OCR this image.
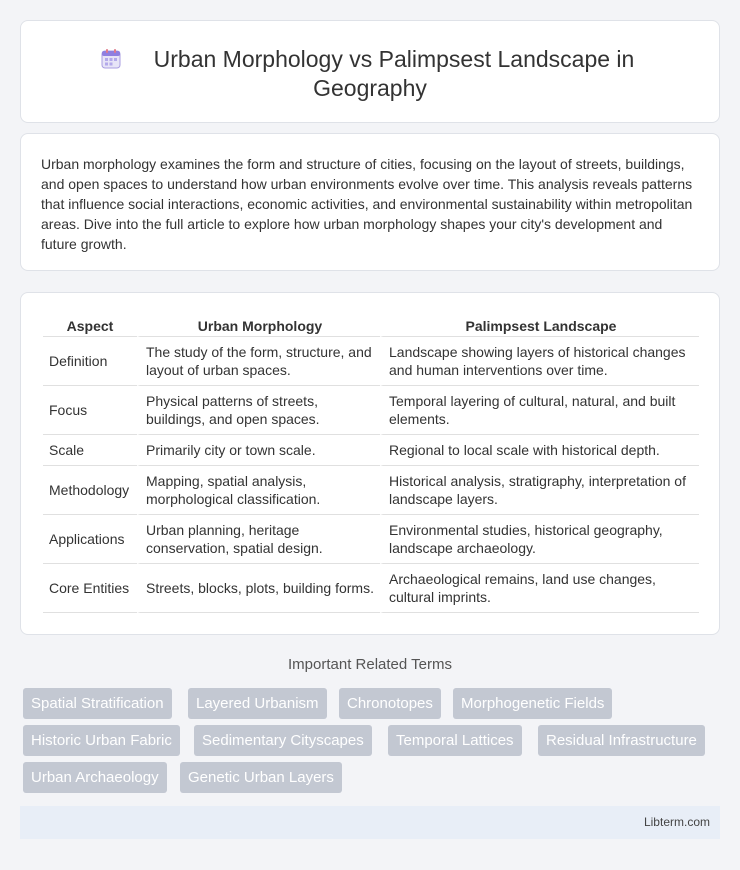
Urban Morphology vs Palimpsest Landscape in
Geography

Urban morphology examines the form and structure of cities, focusing on the layout of streets, buildings, and open spaces to understand how urban environments evolve over time. This analysis reveals patterns that influence social interactions, economic activities, and environmental sustainability within metropolitan areas. Dive into the full article to explore how urban morphology shapes your city's development and future growth.

Aspect	Urban Morphology	Palimpsest Landscape
Definition	The study of the form, structure, and layout of urban spaces.	Landscape showing layers of historical changes and human interventions over time.
Focus	Physical patterns of streets, buildings, and open spaces.	Temporal layering of cultural, natural, and built elements.
Scale	Primarily city or town scale.	Regional to local scale with historical depth.
Methodology	Mapping, spatial analysis, morphological classification.	Historical analysis, stratigraphy, interpretation of landscape layers.
Applications	Urban planning, heritage conservation, spatial design.	Environmental studies, historical geography, landscape archaeology.
Core Entities	Streets, blocks, plots, building forms.	Archaeological remains, land use changes, cultural imprints.
Important Related Terms
Spatial Stratification	Layered Urbanism	Chronotopes	Morphogenetic Fields
Historic Urban Fabric	Sedimentary Cityscapes	Temporal Lattices	Residual Infrastructure
Urban Archaeology	Genetic Urban Layers
Libterm.com
